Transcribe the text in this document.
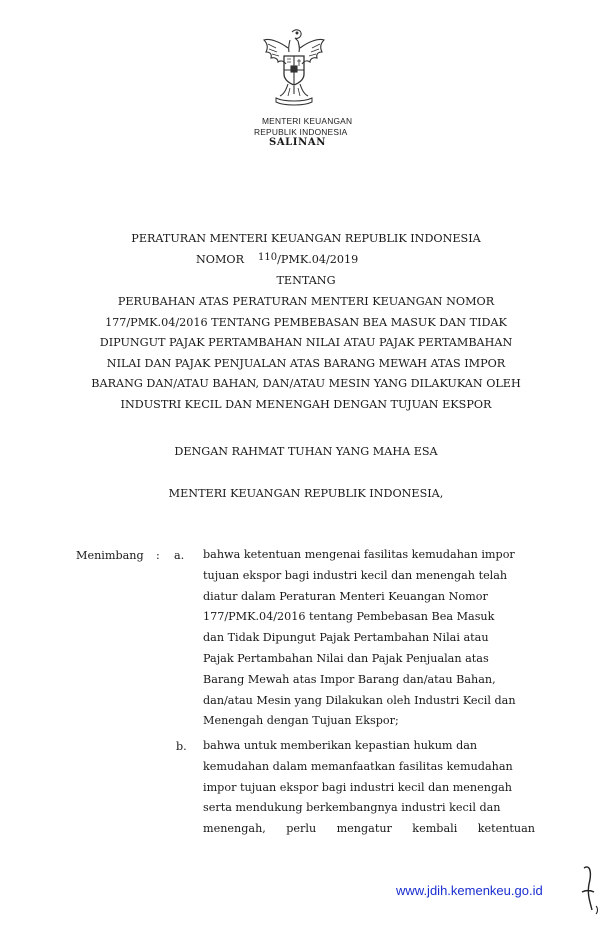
MENTERI KEUANGAN
REPUBLIK INDONESIA
SALINAN
PERATURAN MENTERI KEUANGAN REPUBLIK INDONESIA
NOMOR 110/PMK.04/2019
TENTANG
PERUBAHAN ATAS PERATURAN MENTERI KEUANGAN NOMOR
177/PMK.04/2016 TENTANG PEMBEBASAN BEA MASUK DAN TIDAK
DIPUNGUT PAJAK PERTAMBAHAN NILAI ATAU PAJAK PERTAMBAHAN
NILAI DAN PAJAK PENJUALAN ATAS BARANG MEWAH ATAS IMPOR
BARANG DAN/ATAU BAHAN, DAN/ATAU MESIN YANG DILAKUKAN OLEH
INDUSTRI KECIL DAN MENENGAH DENGAN TUJUAN EKSPOR
DENGAN RAHMAT TUHAN YANG MAHA ESA
MENTERI KEUANGAN REPUBLIK INDONESIA,
Menimbang : a. bahwa ketentuan mengenai fasilitas kemudahan impor

tujuan ekspor bagi industri kecil dan menengah telah

diatur dalam Peraturan Menteri Keuangan Nomor

177/PMK.04/2016 tentang Pembebasan Bea Masuk

dan Tidak Dipungut Pajak Pertambahan Nilai atau

Pajak Pertambahan Nilai dan Pajak Penjualan atas

Barang Mewah atas Impor Barang dan/atau Bahan,

dan/atau Mesin yang Dilakukan oleh Industri Kecil dan

Menengah dengan Tujuan Ekspor;

b. bahwa untuk memberikan kepastian hukum dan

kemudahan dalam memanfaatkan fasilitas kemudahan

impor tujuan ekspor bagi industri kecil dan menengah

serta mendukung berkembangnya industri kecil dan

menengah, perlu mengatur kembali ketentuan

www.jdih.kemenkeu.go.id
